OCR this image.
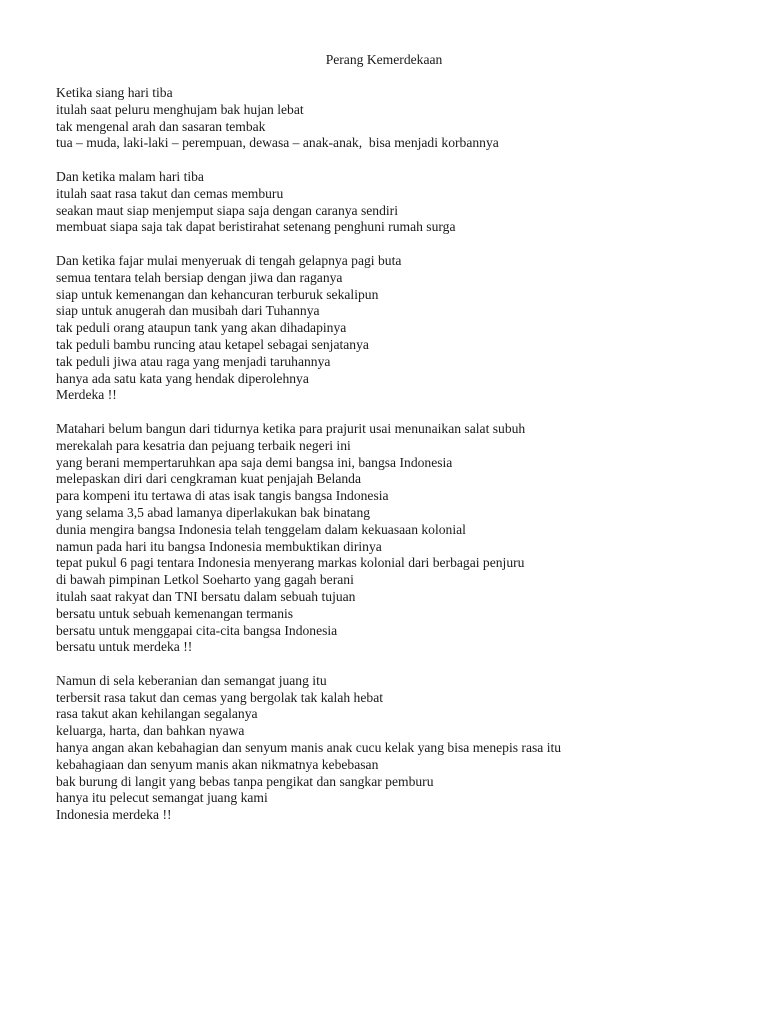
Perang Kemerdekaan
Ketika siang hari tiba
itulah saat peluru menghujam bak hujan lebat
tak mengenal arah dan sasaran tembak
tua – muda, laki-laki – perempuan, dewasa – anak-anak,  bisa menjadi korbannya
Dan ketika malam hari tiba
itulah saat rasa takut dan cemas memburu
seakan maut siap menjemput siapa saja dengan caranya sendiri
membuat siapa saja tak dapat beristirahat setenang penghuni rumah surga
Dan ketika fajar mulai menyeruak di tengah gelapnya pagi buta
semua tentara telah bersiap dengan jiwa dan raganya
siap untuk kemenangan dan kehancuran terburuk sekalipun
siap untuk anugerah dan musibah dari Tuhannya
tak peduli orang ataupun tank yang akan dihadapinya
tak peduli bambu runcing atau ketapel sebagai senjatanya
tak peduli jiwa atau raga yang menjadi taruhannya
hanya ada satu kata yang hendak diperolehnya
Merdeka !!
Matahari belum bangun dari tidurnya ketika para prajurit usai menunaikan salat subuh
merekalah para kesatria dan pejuang terbaik negeri ini
yang berani mempertaruhkan apa saja demi bangsa ini, bangsa Indonesia
melepaskan diri dari cengkraman kuat penjajah Belanda
para kompeni itu tertawa di atas isak tangis bangsa Indonesia
yang selama 3,5 abad lamanya diperlakukan bak binatang
dunia mengira bangsa Indonesia telah tenggelam dalam kekuasaan kolonial
namun pada hari itu bangsa Indonesia membuktikan dirinya
tepat pukul 6 pagi tentara Indonesia menyerang markas kolonial dari berbagai penjuru
di bawah pimpinan Letkol Soeharto yang gagah berani
itulah saat rakyat dan TNI bersatu dalam sebuah tujuan
bersatu untuk sebuah kemenangan termanis
bersatu untuk menggapai cita-cita bangsa Indonesia
bersatu untuk merdeka !!
Namun di sela keberanian dan semangat juang itu
terbersit rasa takut dan cemas yang bergolak tak kalah hebat
rasa takut akan kehilangan segalanya
keluarga, harta, dan bahkan nyawa
hanya angan akan kebahagian dan senyum manis anak cucu kelak yang bisa menepis rasa itu
kebahagiaan dan senyum manis akan nikmatnya kebebasan
bak burung di langit yang bebas tanpa pengikat dan sangkar pemburu
hanya itu pelecut semangat juang kami
Indonesia merdeka !!
